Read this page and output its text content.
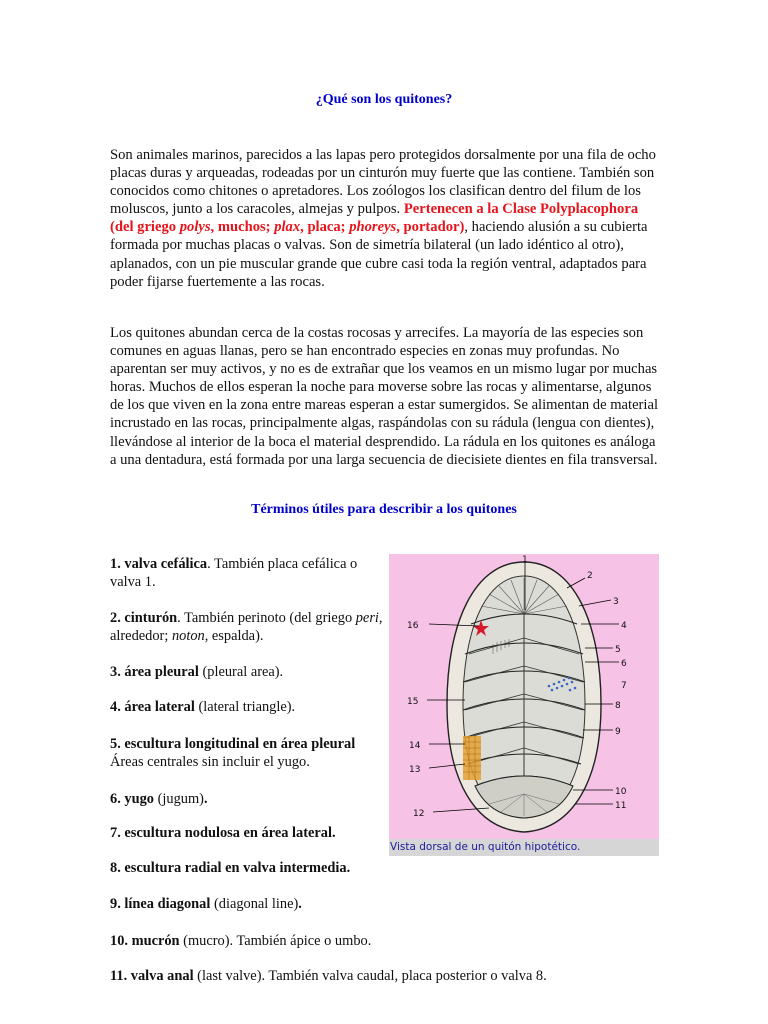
¿Qué son los quitones?

Son animales marinos, parecidos a las lapas pero protegidos dorsalmente por una fila de ocho placas duras y arqueadas, rodeadas por un cinturón muy fuerte que las contiene. También son conocidos como chitones o apretadores. Los zoólogos los clasifican dentro del filum de los moluscos, junto a los caracoles, almejas y pulpos. Pertenecen a la Clase Polyplacophora (del griego polys, muchos; plax, placa; phoreys, portador), haciendo alusión a su cubierta formada por muchas placas o valvas. Son de simetría bilateral (un lado idéntico al otro), aplanados, con un pie muscular grande que cubre casi toda la región ventral, adaptados para poder fijarse fuertemente a las rocas.

Los quitones abundan cerca de la costas rocosas y arrecifes. La mayoría de las especies son comunes en aguas llanas, pero se han encontrado especies en zonas muy profundas. No aparentan ser muy activos, y no es de extrañar que los veamos en un mismo lugar por muchas horas. Muchos de ellos esperan la noche para moverse sobre las rocas y alimentarse, algunos de los que viven en la zona entre mareas esperan a estar sumergidos. Se alimentan de material incrustado en las rocas, principalmente algas, raspándolas con su rádula (lengua con dientes), llevándose al interior de la boca el material desprendido. La rádula en los quitones es análoga a una dentadura, está formada por una larga secuencia de diecisiete dientes en fila transversal.

Términos útiles para describir a los quitones
1. valva cefálica. También placa cefálica o valva 1.
2. cinturón. También perinoto (del griego peri, alrededor; noton, espalda).
3. área pleural (pleural area).
4. área lateral (lateral triangle).
5. escultura longitudinal en área pleural
Áreas centrales sin incluir el yugo.
6. yugo (jugum).
7. escultura nodulosa en área lateral.
8. escultura radial en valva intermedia.
9. línea diagonal (diagonal line).
10. mucrón (mucro). También ápice o umbo.
11. valva anal (last valve). También valva caudal, placa posterior o valva 8.
1
2
3
4
5
6
7
8
9
10
11
12
13
14
15
16
Vista dorsal de un quitón hipotético.
